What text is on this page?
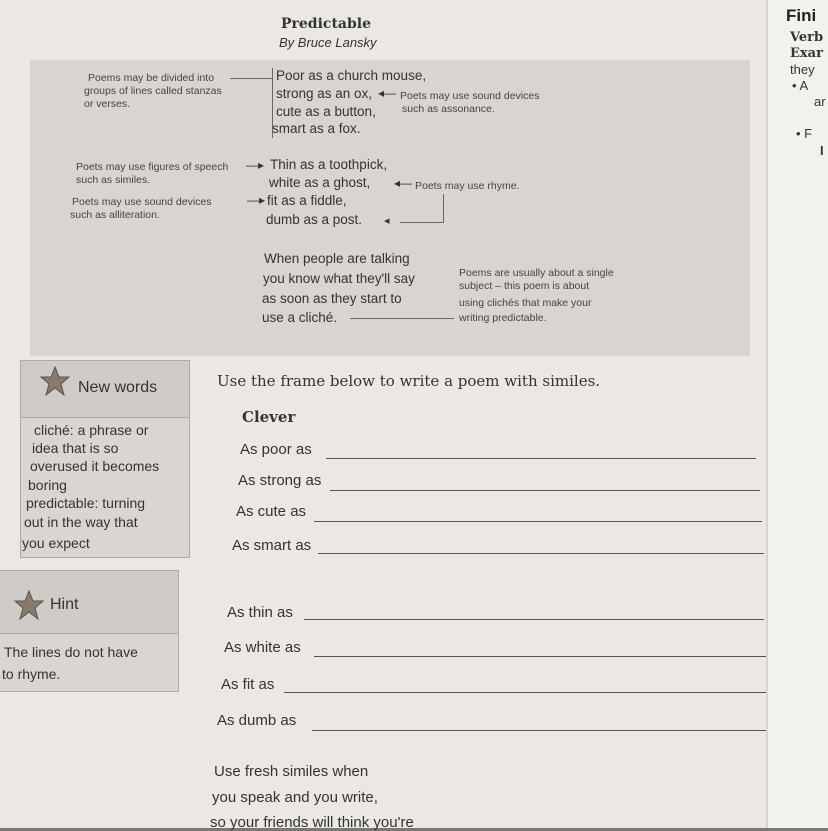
Predictable
By Bruce Lansky
Poor as a church mouse,
strong as an ox,
cute as a button,
smart as a fox.
Poems may be divided into
groups of lines called stanzas
or verses.
Poets may use sound devices
such as assonance.
◂—
Poets may use figures of speech
such as similes.
—▸
Poets may use sound devices
such as alliteration.
—▸
Thin as a toothpick,
white as a ghost,
fit as a fiddle,
dumb as a post.
Poets may use rhyme.
◂—
◂
When people are talking
you know what they'll say
as soon as they start to
use a cliché.
Poems are usually about a single
subject – this poem is about
using clichés that make your
writing predictable.
Use the frame below to write a poem with similes.
New words
cliché: a phrase or
idea that is so
overused it becomes
boring
predictable: turning
out in the way that
you expect
Hint
The lines do not have
to rhyme.
Clever
As poor as
As strong as
As cute as
As smart as
As thin as
As white as
As fit as
As dumb as
Use fresh similes when
you speak and you write,
so your friends will think you're
Fini
Verb
Exar
they
• A
ar
• F
I
